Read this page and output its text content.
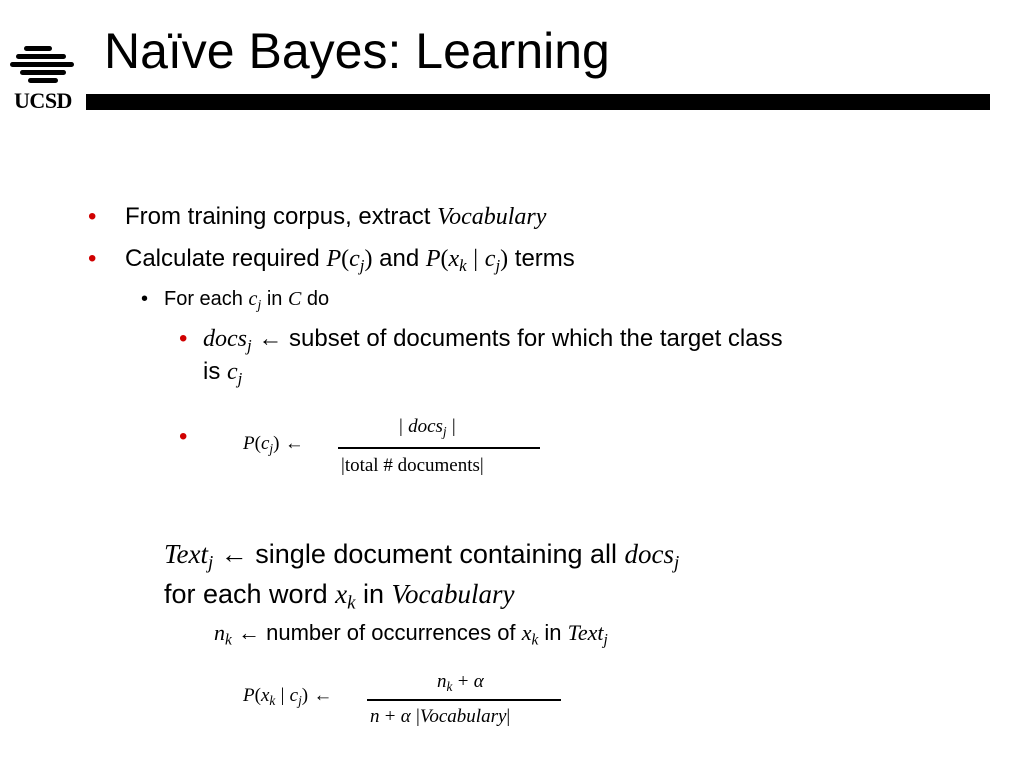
UCSD
Naïve Bayes: Learning
• From training corpus, extract Vocabulary
• Calculate required $P(c_j)$ and $P(x_k$ | $c_j$) terms
• For each $c_j$ in C do
• docs$_j$ ← subset of documents for which the target class
is $c_j$
•	$P(c_j)$ ←
| docs$_j$ |
|total # documents|
Text$_j$ ← single document containing all docs$_j$
for each word $x_k$ in Vocabulary
$n_k$ ← number of occurrences of $x_k$ in Text$_j$
$P(x_k$ | $c_j$) ←
$n_k + \alpha$
n + α |Vocabulary|
